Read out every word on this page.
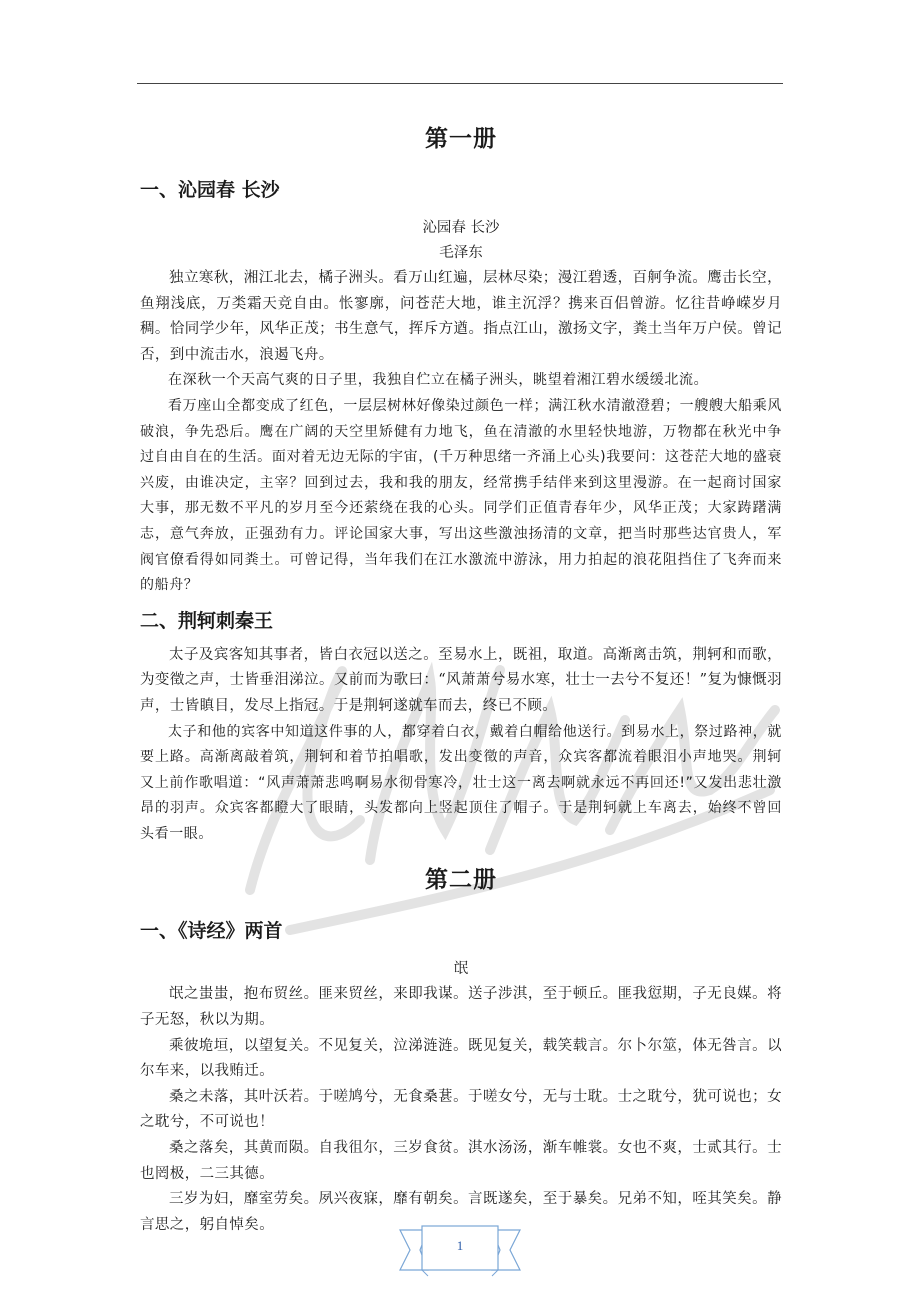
第一册
一、沁园春 长沙
沁园春 长沙
毛泽东

独立寒秋，湘江北去，橘子洲头。看万山红遍，层林尽染；漫江碧透，百舸争流。鹰击长空，鱼翔浅底，万类霜天竞自由。怅寥廓，问苍茫大地，谁主沉浮？携来百侣曾游。忆往昔峥嵘岁月稠。恰同学少年，风华正茂；书生意气，挥斥方遒。指点江山，激扬文字，粪土当年万户侯。曾记否，到中流击水，浪遏飞舟。

在深秋一个天高气爽的日子里，我独自伫立在橘子洲头，眺望着湘江碧水缓缓北流。

看万座山全都变成了红色，一层层树林好像染过颜色一样；满江秋水清澈澄碧；一艘艘大船乘风破浪，争先恐后。鹰在广阔的天空里矫健有力地飞，鱼在清澈的水里轻快地游，万物都在秋光中争过自由自在的生活。面对着无边无际的宇宙，(千万种思绪一齐涌上心头)我要问：这苍茫大地的盛衰兴废，由谁决定，主宰？回到过去，我和我的朋友，经常携手结伴来到这里漫游。在一起商讨国家大事，那无数不平凡的岁月至今还萦绕在我的心头。同学们正值青春年少，风华正茂；大家踌躇满志，意气奔放，正强劲有力。评论国家大事，写出这些激浊扬清的文章，把当时那些达官贵人，军阀官僚看得如同粪土。可曾记得，当年我们在江水激流中游泳，用力拍起的浪花阻挡住了飞奔而来的船舟？

二、荆轲刺秦王

太子及宾客知其事者，皆白衣冠以送之。至易水上，既祖，取道。高渐离击筑，荆轲和而歌，为变徵之声，士皆垂泪涕泣。又前而为歌曰：“风萧萧兮易水寒，壮士一去兮不复还！”复为慷慨羽声，士皆瞋目，发尽上指冠。于是荆轲遂就车而去，终已不顾。

太子和他的宾客中知道这件事的人，都穿着白衣，戴着白帽给他送行。到易水上，祭过路神，就要上路。高渐离敲着筑，荆轲和着节拍唱歌，发出变徵的声音，众宾客都流着眼泪小声地哭。荆轲又上前作歌唱道：“风声萧萧悲鸣啊易水彻骨寒冷，壮士这一离去啊就永远不再回还!”又发出悲壮激昂的羽声。众宾客都瞪大了眼睛，头发都向上竖起顶住了帽子。于是荆轲就上车离去，始终不曾回头看一眼。

第二册
一、《诗经》两首
氓

氓之蚩蚩，抱布贸丝。匪来贸丝，来即我谋。送子涉淇，至于顿丘。匪我愆期，子无良媒。将子无怒，秋以为期。

乘彼垝垣，以望复关。不见复关，泣涕涟涟。既见复关，载笑载言。尔卜尔筮，体无咎言。以尔车来，以我贿迁。

桑之未落，其叶沃若。于嗟鸠兮，无食桑葚。于嗟女兮，无与士耽。士之耽兮，犹可说也；女之耽兮，不可说也！

桑之落矣，其黄而陨。自我徂尔，三岁食贫。淇水汤汤，渐车帷裳。女也不爽，士贰其行。士也罔极，二三其德。

三岁为妇，靡室劳矣。夙兴夜寐，靡有朝矣。言既遂矣，至于暴矣。兄弟不知，咥其笑矣。静言思之，躬自悼矣。

1
